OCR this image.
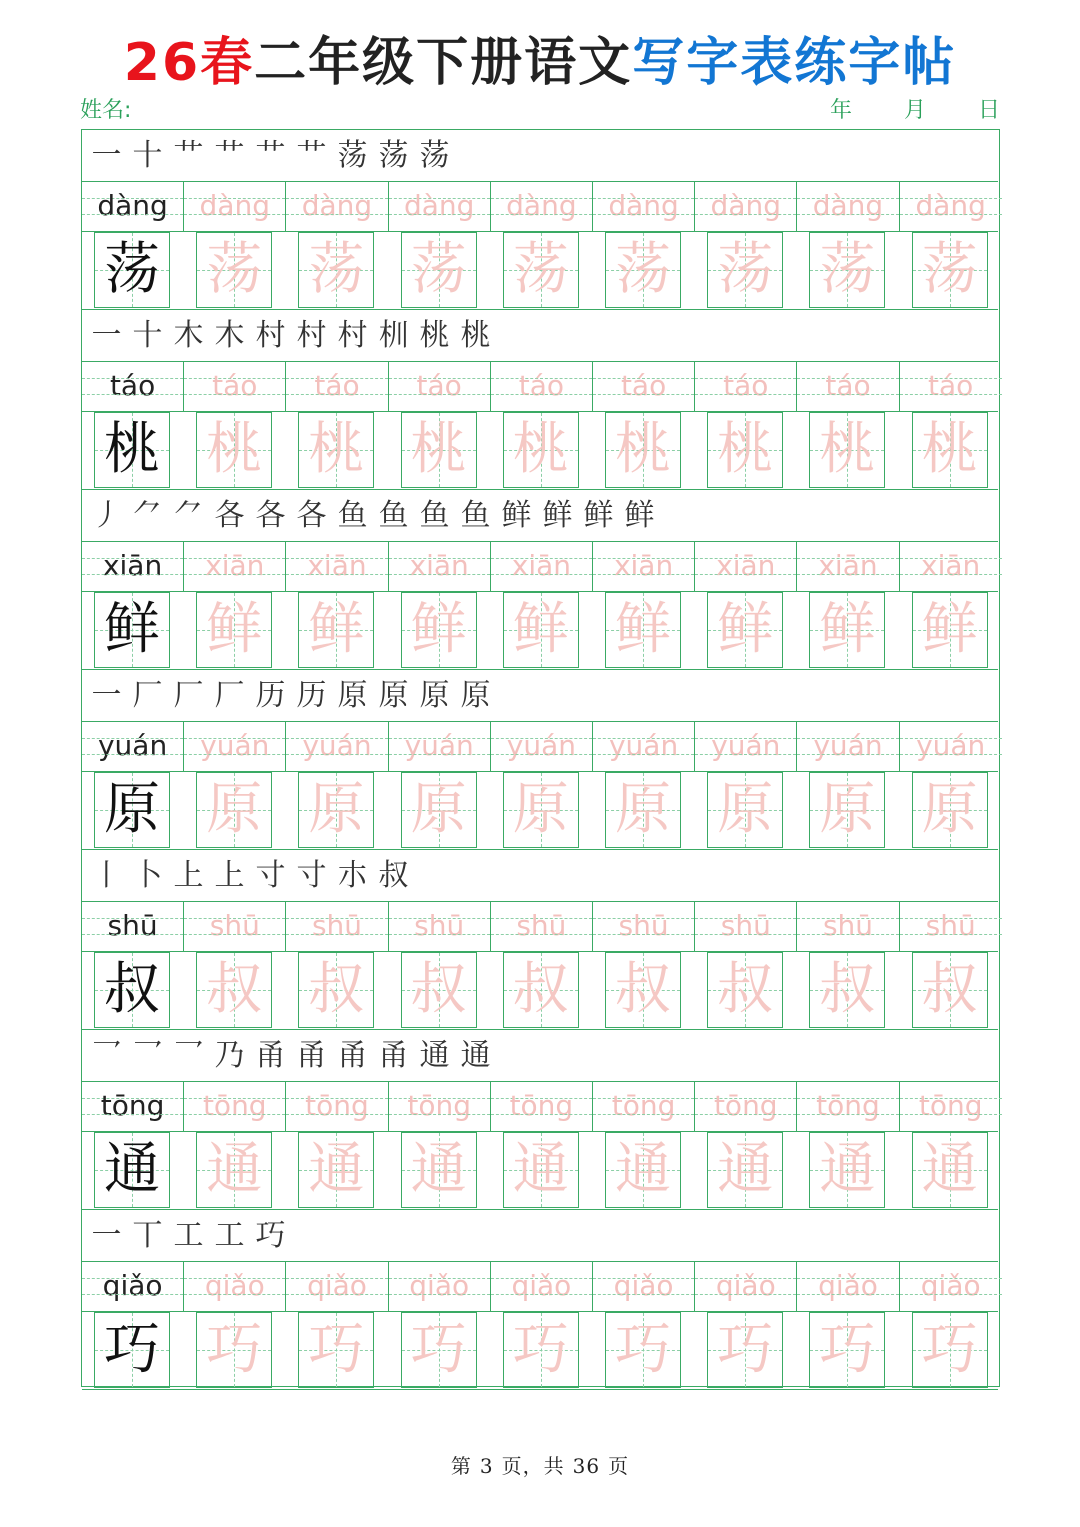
26春二年级下册语文写字表练字帖
姓名:	年 月 日
一 十 艹 艹 艹 艹 荡 荡 荡
dàng	dàng	dàng	dàng	dàng	dàng	dàng	dàng	dàng
荡 荡 荡 荡 荡 荡 荡 荡 荡
一 十 木 木 村 村 村 杊 桃 桃
táo	táo	táo	táo	táo	táo	táo	táo	táo
桃 桃 桃 桃 桃 桃 桃 桃 桃
丿 ⺈ ⺈ 各 各 各 鱼 鱼 鱼 鱼 鲜 鲜 鲜 鲜
xiān	xiān	xiān	xiān	xiān	xiān	xiān	xiān	xiān
鲜 鲜 鲜 鲜 鲜 鲜 鲜 鲜 鲜
一 厂 厂 厂 历 历 原 原 原 原
yuán	yuán	yuán	yuán	yuán	yuán	yuán	yuán	yuán
原 原 原 原 原 原 原 原 原
丨 卜 上 上 寸 寸 朩 叔
shū	shū	shū	shū	shū	shū	shū	shū	shū
叔 叔 叔 叔 叔 叔 叔 叔 叔
乛 乛 乛 乃 甬 甬 甬 甬 通 通
tōng	tōng	tōng	tōng	tōng	tōng	tōng	tōng	tōng
通 通 通 通 通 通 通 通 通
一 丅 工 工 巧
qiǎo	qiǎo	qiǎo	qiǎo	qiǎo	qiǎo	qiǎo	qiǎo	qiǎo
巧 巧 巧 巧 巧 巧 巧 巧 巧
第 3 页，共 36 页
